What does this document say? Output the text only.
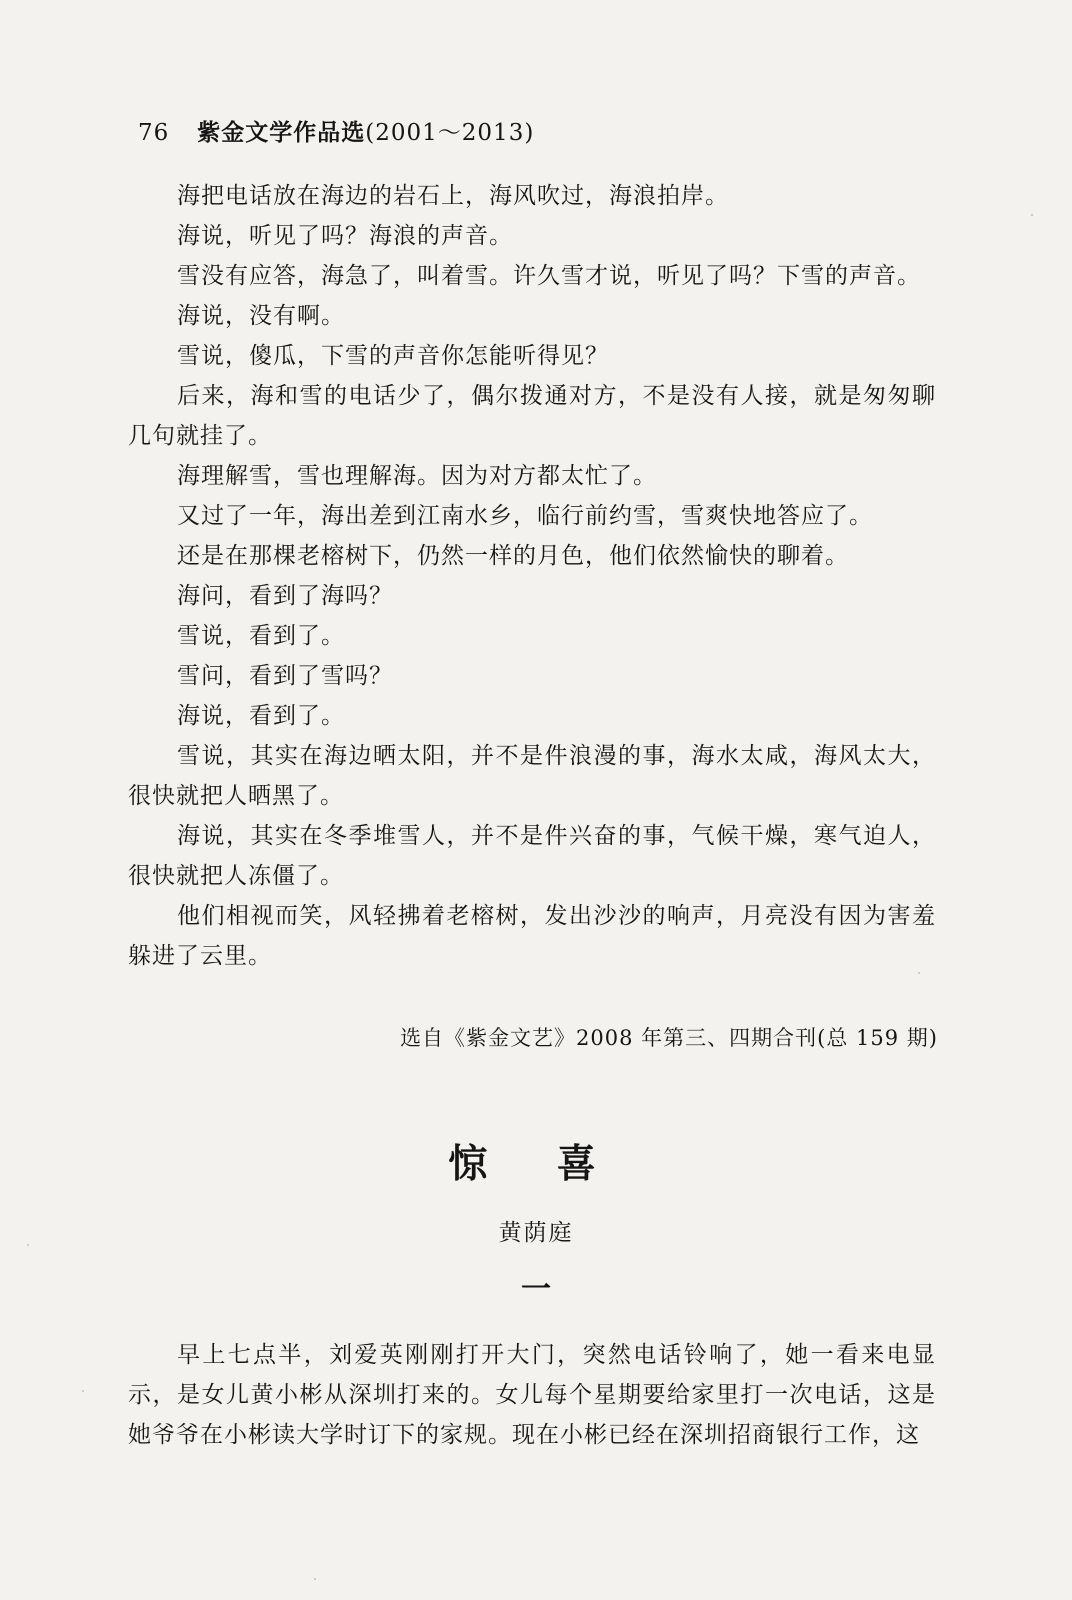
76 紫金文学作品选(2001～2013)

海把电话放在海边的岩石上，海风吹过，海浪拍岸。

海说，听见了吗？海浪的声音。

雪没有应答，海急了，叫着雪。许久雪才说，听见了吗？下雪的声音。

海说，没有啊。

雪说，傻瓜，下雪的声音你怎能听得见？

后来，海和雪的电话少了，偶尔拨通对方，不是没有人接，就是匆匆聊几句就挂了。

海理解雪，雪也理解海。因为对方都太忙了。

又过了一年，海出差到江南水乡，临行前约雪，雪爽快地答应了。

还是在那棵老榕树下，仍然一样的月色，他们依然愉快的聊着。

海问，看到了海吗？

雪说，看到了。

雪问，看到了雪吗？

海说，看到了。

雪说，其实在海边晒太阳，并不是件浪漫的事，海水太咸，海风太大，很快就把人晒黑了。

海说，其实在冬季堆雪人，并不是件兴奋的事，气候干燥，寒气迫人，很快就把人冻僵了。

他们相视而笑，风轻拂着老榕树，发出沙沙的响声，月亮没有因为害羞躲进了云里。

选自《紫金文艺》2008 年第三、四期合刊(总 159 期)
惊 喜
黄荫庭
一

早上七点半，刘爱英刚刚打开大门，突然电话铃响了，她一看来电显示，是女儿黄小彬从深圳打来的。女儿每个星期要给家里打一次电话，这是她爷爷在小彬读大学时订下的家规。现在小彬已经在深圳招商银行工作，这
